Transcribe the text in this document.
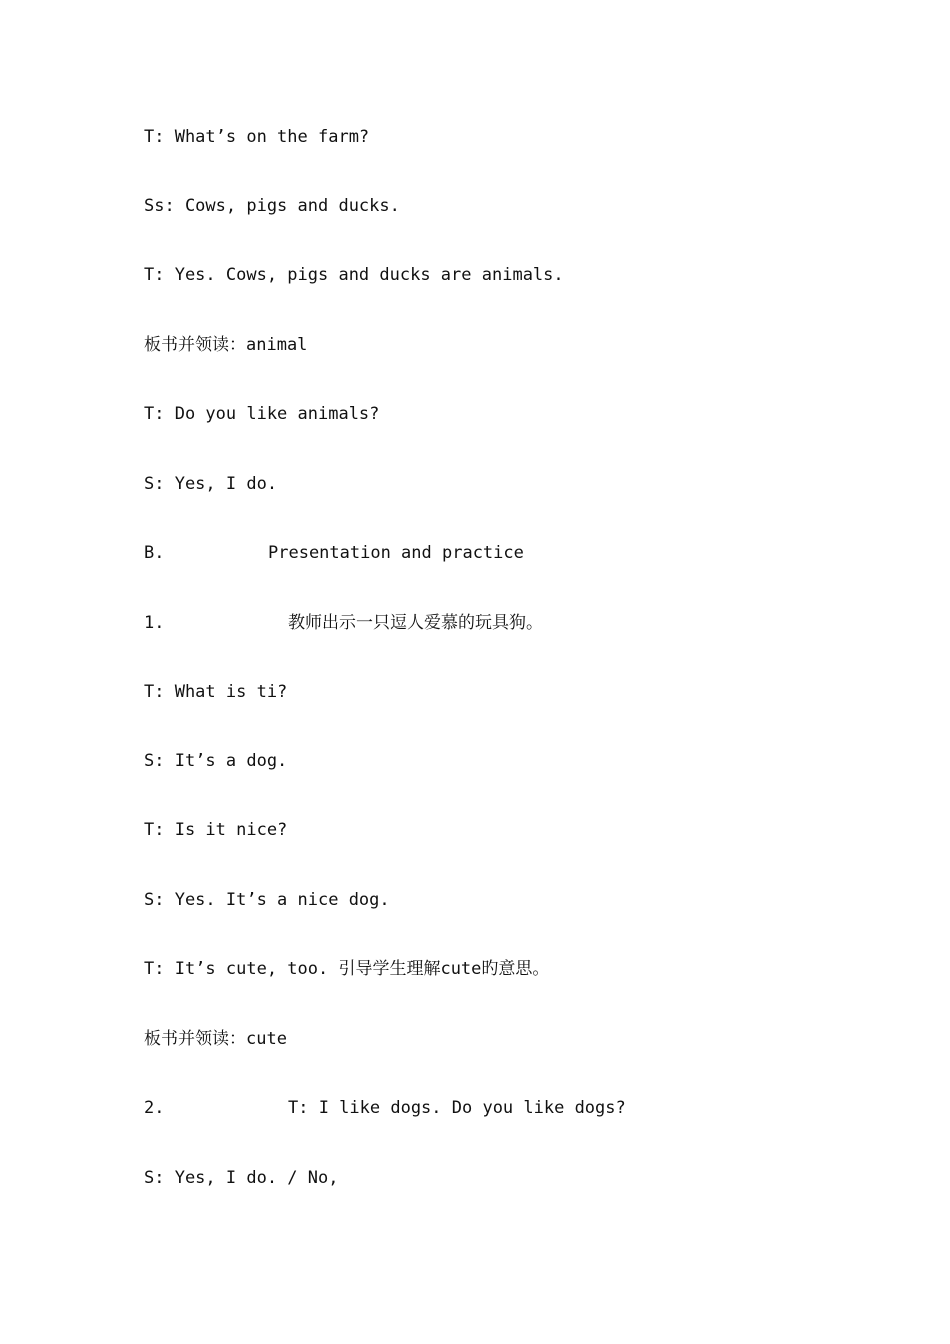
T: What’s on the farm?
Ss: Cows, pigs and ducks.
T: Yes. Cows, pigs and ducks are animals.
板书并领读：animal
T: Do you like animals?
S: Yes, I do.
B.	Presentation and practice
1.	教师出示一只逗人爱慕的玩具狗。
T: What is ti?
S: It’s a dog.
T: Is it nice?
S: Yes. It’s a nice dog.
T: It’s cute, too. 引导学生理解cute旳意思。
板书并领读：cute
2.	T: I like dogs. Do you like dogs?
S: Yes, I do. / No,
